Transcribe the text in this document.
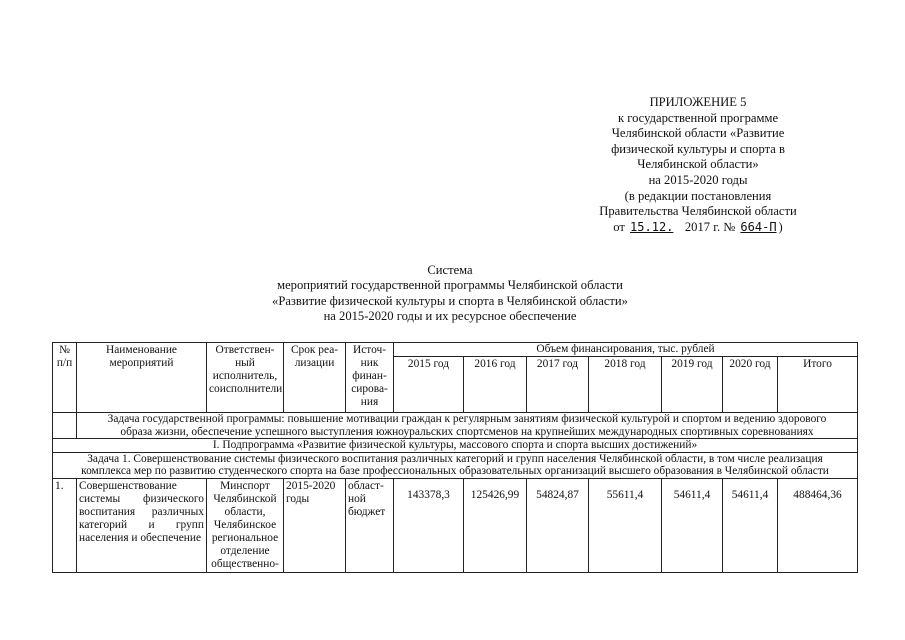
ПРИЛОЖЕНИЕ 5
к государственной программе
Челябинской области «Развитие
физической культуры и спорта в
Челябинской области»
на 2015-2020 годы
(в редакции постановления
Правительства Челябинской области
от 15.12. 2017 г. № 664-П )
Система
мероприятий государственной программы Челябинской области
«Развитие физической культуры и спорта в Челябинской области»
на 2015-2020 годы и их ресурсное обеспечение
№ п/п	Наименование мероприятий	Ответствен-ный исполнитель, соисполнители	Срок реа-лизации	Источ-ник финан-сирова-ния	Объем финансирования, тыс. рублей						
					2015 год	2016 год	2017 год	2018 год	2019 год	2020 год	Итого

	Задача государственной программы: повышение мотивации граждан к регулярным занятиям физической культурой и спортом и ведению здорового
образа жизни, обеспечение успешного выступления южноуральских спортсменов на крупнейших международных спортивных соревнованиях										

I. Подпрограмма «Развитие физической культуры, массового спорта и спорта высших достижений»											

Задача 1. Совершенствование системы физического воспитания различных категорий и групп населения Челябинской области, в том числе реализация
комплекса мер по развитию студенческого спорта на базе профессиональных образовательных организаций высшего образования в Челябинской области											

1.	Совершенствование системы физического воспитания различных категорий и групп населения и обеспечение	Минспорт Челябинской области, Челябинское региональное отделение общественно-	2015-2020 годы	област-ной бюджет	143378,3	125426,99	54824,87	55611,4	54611,4	54611,4	488464,36
